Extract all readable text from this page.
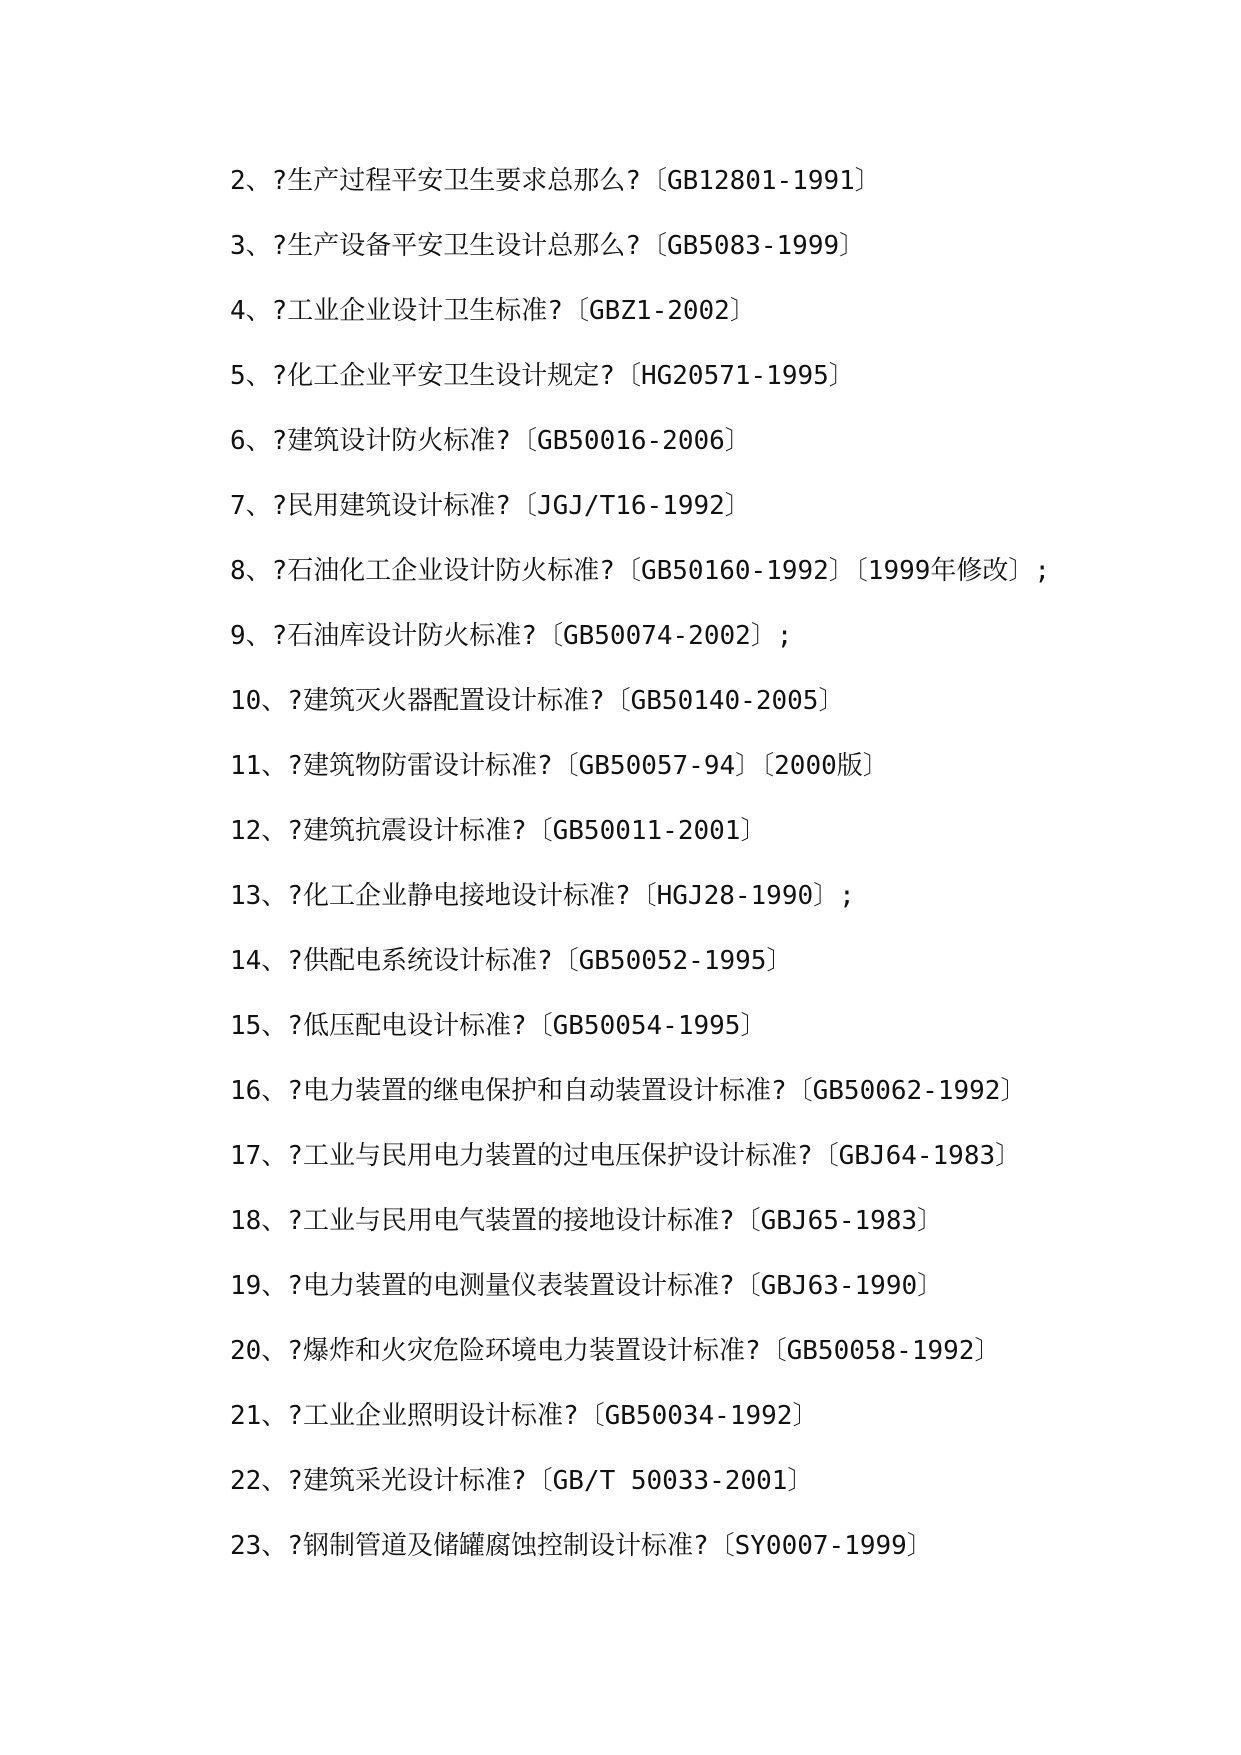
2、?生产过程平安卫生要求总那么?〔GB12801-1991〕
3、?生产设备平安卫生设计总那么?〔GB5083-1999〕
4、?工业企业设计卫生标准?〔GBZ1-2002〕
5、?化工企业平安卫生设计规定?〔HG20571-1995〕
6、?建筑设计防火标准?〔GB50016-2006〕
7、?民用建筑设计标准?〔JGJ/T16-1992〕
8、?石油化工企业设计防火标准?〔GB50160-1992〕〔1999年修改〕;
9、?石油库设计防火标准?〔GB50074-2002〕;
10、?建筑灭火器配置设计标准?〔GB50140-2005〕
11、?建筑物防雷设计标准?〔GB50057-94〕〔2000版〕
12、?建筑抗震设计标准?〔GB50011-2001〕
13、?化工企业静电接地设计标准?〔HGJ28-1990〕;
14、?供配电系统设计标准?〔GB50052-1995〕
15、?低压配电设计标准?〔GB50054-1995〕
16、?电力装置的继电保护和自动装置设计标准?〔GB50062-1992〕
17、?工业与民用电力装置的过电压保护设计标准?〔GBJ64-1983〕
18、?工业与民用电气装置的接地设计标准?〔GBJ65-1983〕
19、?电力装置的电测量仪表装置设计标准?〔GBJ63-1990〕
20、?爆炸和火灾危险环境电力装置设计标准?〔GB50058-1992〕
21、?工业企业照明设计标准?〔GB50034-1992〕
22、?建筑采光设计标准?〔GB/T 50033-2001〕
23、?钢制管道及储罐腐蚀控制设计标准?〔SY0007-1999〕
